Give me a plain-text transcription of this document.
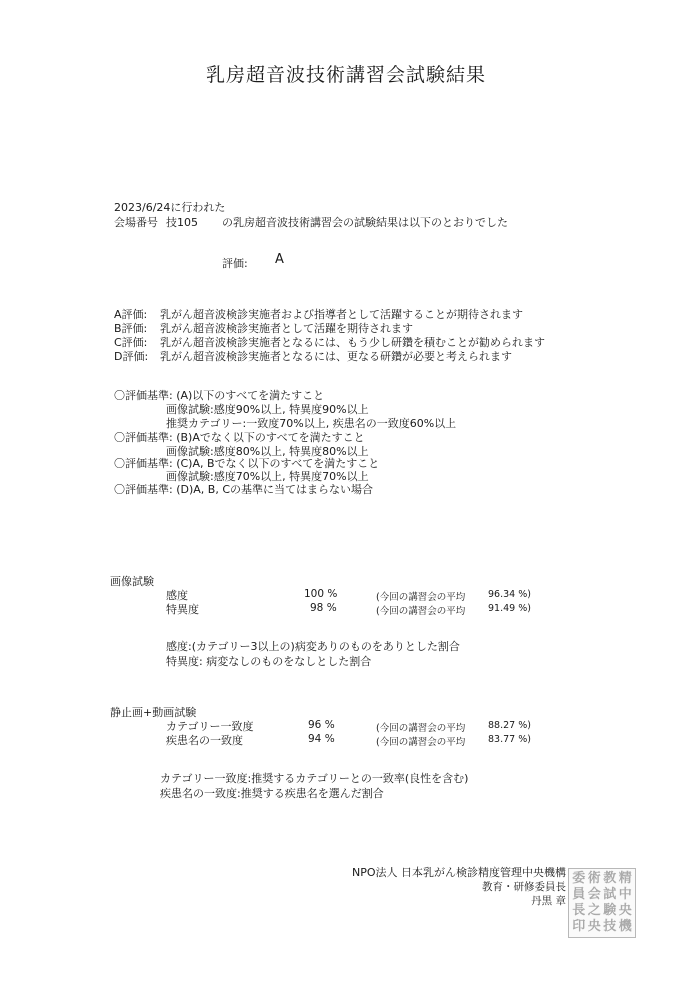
乳房超音波技術講習会試験結果
2023/6/24に行われた
会場番号 技105 の乳房超音波技術講習会の試験結果は以下のとおりでした
評価: A
A評価: 乳がん超音波検診実施者および指導者として活躍することが期待されます
B評価: 乳がん超音波検診実施者として活躍を期待されます
C評価: 乳がん超音波検診実施者となるには、もう少し研鑽を積むことが勧められます
D評価: 乳がん超音波検診実施者となるには、更なる研鑽が必要と考えられます
〇評価基準: (A)以下のすべてを満たすこと
画像試験:感度90%以上, 特異度90%以上
推奨カテゴリー:一致度70%以上, 疾患名の一致度60%以上
〇評価基準: (B)Aでなく以下のすべてを満たすこと
画像試験:感度80%以上, 特異度80%以上
〇評価基準: (C)A, Bでなく以下のすべてを満たすこと
画像試験:感度70%以上, 特異度70%以上
〇評価基準: (D)A, B, Cの基準に当てはまらない場合
画像試験
感度	100 %	(今回の講習会の平均 96.34 %)
特異度	98 %	(今回の講習会の平均 91.49 %)
感度:(カテゴリー3以上の)病変ありのものをありとした割合
特異度: 病変なしのものをなしとした割合
静止画+動画試験
カテゴリー一致度	96 %	(今回の講習会の平均 88.27 %)
疾患名の一致度	94 %	(今回の講習会の平均 83.77 %)
カテゴリー一致度:推奨するカテゴリーとの一致率(良性を含む)
疾患名の一致度:推奨する疾患名を選んだ割合
NPO法人 日本乳がん検診精度管理中央機構
教育・研修委員長
丹黒 章
委 術 教 精
員 会 試 中
長 之 験 央
印 央 技 機
